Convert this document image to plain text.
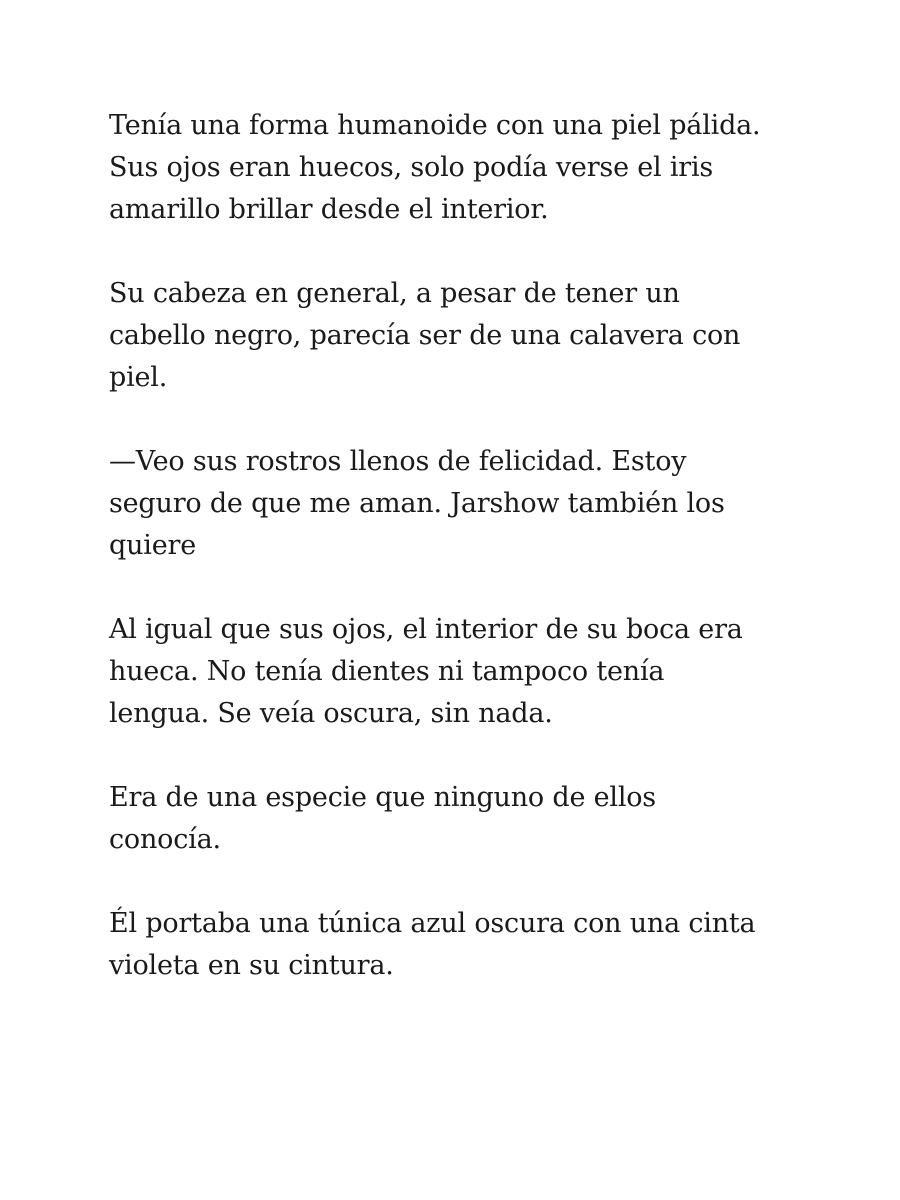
Tenía una forma humanoide con una piel pálida.
Sus ojos eran huecos, solo podía verse el iris
amarillo brillar desde el interior.

Su cabeza en general, a pesar de tener un
cabello negro, parecía ser de una calavera con
piel.

—Veo sus rostros llenos de felicidad. Estoy
seguro de que me aman. Jarshow también los
quiere

Al igual que sus ojos, el interior de su boca era
hueca. No tenía dientes ni tampoco tenía
lengua. Se veía oscura, sin nada.

Era de una especie que ninguno de ellos
conocía.

Él portaba una túnica azul oscura con una cinta
violeta en su cintura.
